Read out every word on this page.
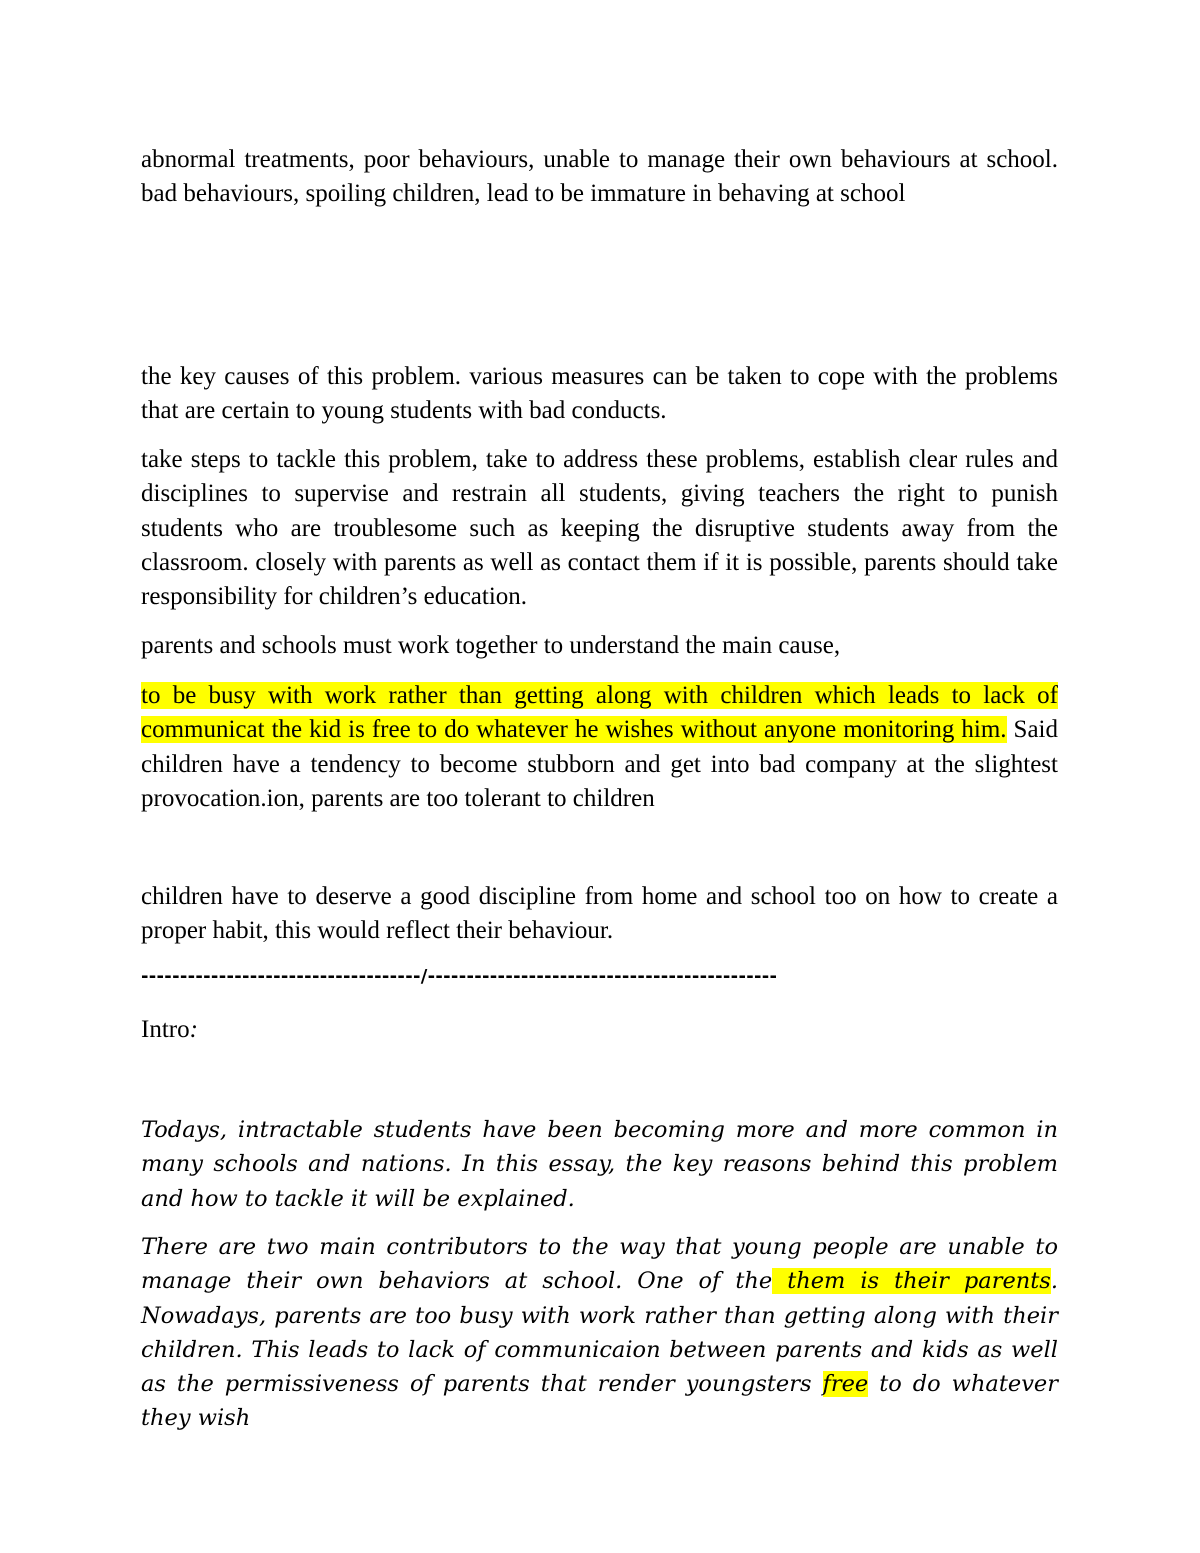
abnormal treatments, poor behaviours, unable to manage their own behaviours at school. bad behaviours, spoiling children, lead to be immature in behaving at school

the key causes of this problem. various measures can be taken to cope with the problems that are certain to young students with bad conducts.

take steps to tackle this problem, take to address these problems, establish clear rules and disciplines to supervise and restrain all students, giving teachers the right to punish students who are troublesome such as keeping the disruptive students away from the classroom. closely with parents as well as contact them if it is possible, parents should take responsibility for children’s education.

parents and schools must work together to understand the main cause,

to be busy with work rather than getting along with children which leads to lack of communicat the kid is free to do whatever he wishes without anyone monitoring him. Said children have a tendency to become stubborn and get into bad company at the slightest provocation.ion, parents are too tolerant to children

children have to deserve a good discipline from home and school too on how to create a proper habit, this would reflect their behaviour.

------------------------------------/---------------------------------------------

Intro:

Todays, intractable students have been becoming more and more common in many schools and nations. In this essay, the key reasons behind this problem and how to tackle it will be explained.

There are two main contributors to the way that young people are unable to manage their own behaviors at school. One of the them is their parents. Nowadays, parents are too busy with work rather than getting along with their children. This leads to lack of communicaion between parents and kids as well as the permissiveness of parents that render youngsters free to do whatever they wish
